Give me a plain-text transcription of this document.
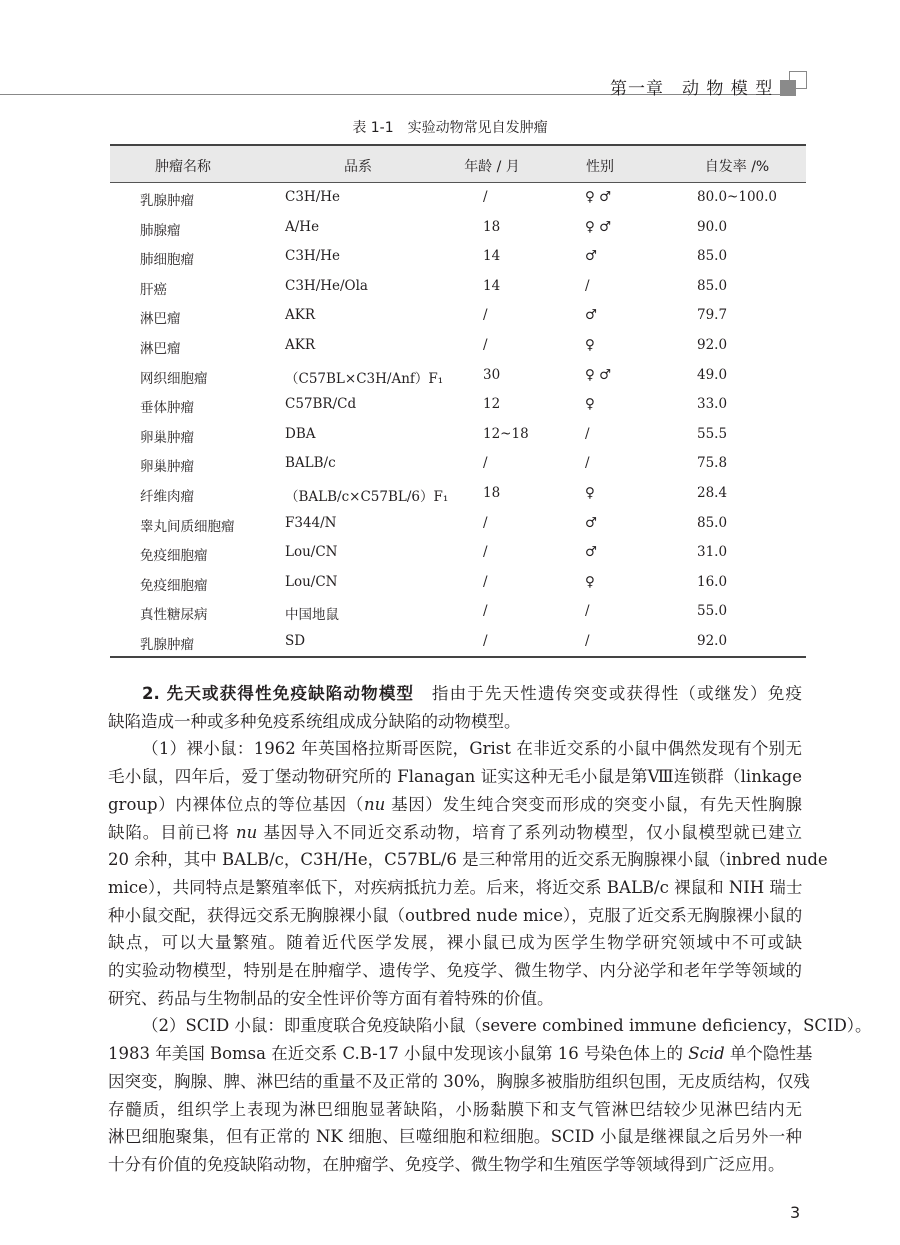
第一章　动 物 模 型
表 1-1　实验动物常见自发肿瘤
肿瘤名称	品系	年龄 / 月	性别	自发率 /%
乳腺肿瘤	C3H/He	/	♀ ♂	80.0~100.0
肺腺瘤	A/He	18	♀ ♂	90.0
肺细胞瘤	C3H/He	14	♂	85.0
肝癌	C3H/He/Ola	14	/	85.0
淋巴瘤	AKR	/	♂	79.7
淋巴瘤	AKR	/	♀	92.0
网织细胞瘤	（C57BL×C3H/Anf）F₁	30	♀ ♂	49.0
垂体肿瘤	C57BR/Cd	12	♀	33.0
卵巢肿瘤	DBA	12~18	/	55.5
卵巢肿瘤	BALB/c	/	/	75.8
纤维肉瘤	（BALB/c×C57BL/6）F₁	18	♀	28.4
睾丸间质细胞瘤	F344/N	/	♂	85.0
免疫细胞瘤	Lou/CN	/	♂	31.0
免疫细胞瘤	Lou/CN	/	♀	16.0
真性糖尿病	中国地鼠	/	/	55.0
乳腺肿瘤	SD	/	/	92.0
2. 先天或获得性免疫缺陷动物模型　指由于先天性遗传突变或获得性（或继发）免疫
缺陷造成一种或多种免疫系统组成成分缺陷的动物模型。
（1）裸小鼠：1962 年英国格拉斯哥医院，Grist 在非近交系的小鼠中偶然发现有个别无
毛小鼠，四年后，爱丁堡动物研究所的 Flanagan 证实这种无毛小鼠是第Ⅷ连锁群（linkage
group）内裸体位点的等位基因（nu 基因）发生纯合突变而形成的突变小鼠，有先天性胸腺
缺陷。目前已将 nu 基因导入不同近交系动物，培育了系列动物模型，仅小鼠模型就已建立
20 余种，其中 BALB/c，C3H/He，C57BL/6 是三种常用的近交系无胸腺裸小鼠（inbred nude
mice），共同特点是繁殖率低下，对疾病抵抗力差。后来，将近交系 BALB/c 裸鼠和 NIH 瑞士
种小鼠交配，获得远交系无胸腺裸小鼠（outbred nude mice），克服了近交系无胸腺裸小鼠的
缺点，可以大量繁殖。随着近代医学发展，裸小鼠已成为医学生物学研究领域中不可或缺
的实验动物模型，特别是在肿瘤学、遗传学、免疫学、微生物学、内分泌学和老年学等领域的
研究、药品与生物制品的安全性评价等方面有着特殊的价值。
（2）SCID 小鼠：即重度联合免疫缺陷小鼠（severe combined immune deficiency，SCID）。
1983 年美国 Bomsa 在近交系 C.B-17 小鼠中发现该小鼠第 16 号染色体上的 Scid 单个隐性基
因突变，胸腺、脾、淋巴结的重量不及正常的 30%，胸腺多被脂肪组织包围，无皮质结构，仅残
存髓质，组织学上表现为淋巴细胞显著缺陷，小肠黏膜下和支气管淋巴结较少见淋巴结内无
淋巴细胞聚集，但有正常的 NK 细胞、巨噬细胞和粒细胞。SCID 小鼠是继裸鼠之后另外一种
十分有价值的免疫缺陷动物，在肿瘤学、免疫学、微生物学和生殖医学等领域得到广泛应用。
3
